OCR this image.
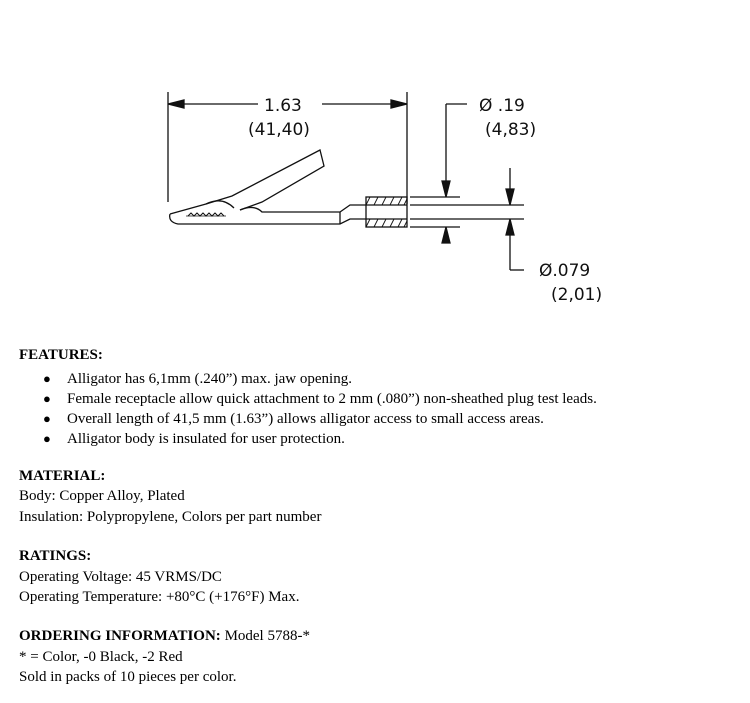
1.63
(41,40)
Ø .19
(4,83)
Ø.079
(2,01)
FEATURES:
● Alligator has 6,1mm (.240”) max. jaw opening.
● Female receptacle allow quick attachment to 2 mm (.080”) non-sheathed plug test leads.
● Overall length of 41,5 mm (1.63”) allows alligator access to small access areas.
● Alligator body is insulated for user protection.
MATERIAL:
Body: Copper Alloy, Plated
Insulation: Polypropylene, Colors per part number
RATINGS:
Operating Voltage: 45 VRMS/DC
Operating Temperature: +80°C (+176°F) Max.
ORDERING INFORMATION: Model 5788-*
* = Color, -0 Black, -2 Red
Sold in packs of 10 pieces per color.
